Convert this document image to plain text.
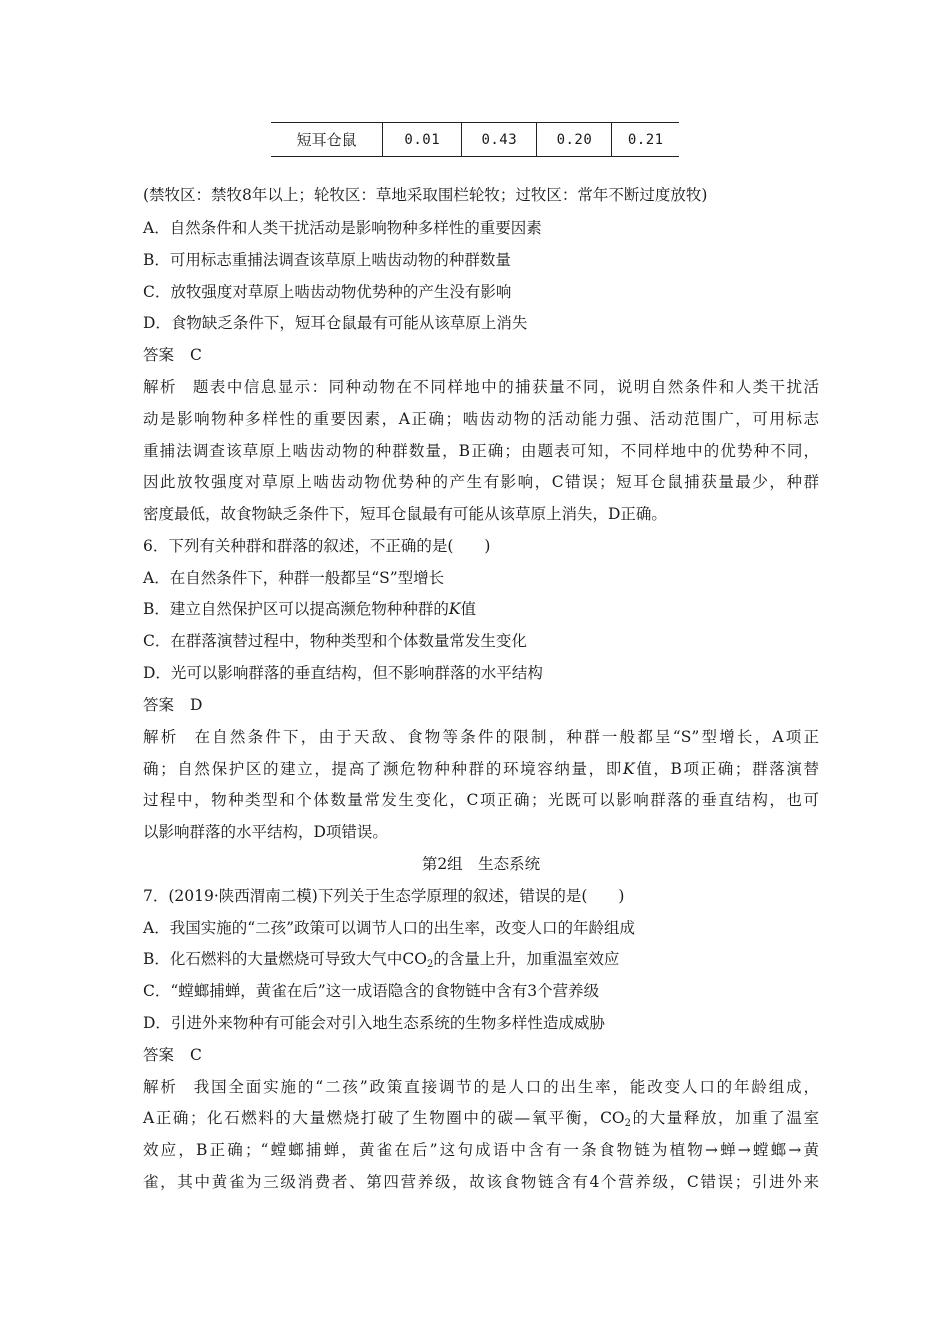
短耳仓鼠	0.01	0.43	0.20	0.21
(禁牧区：禁牧8年以上；轮牧区：草地采取围栏轮牧；过牧区：常年不断过度放牧)
A．自然条件和人类干扰活动是影响物种多样性的重要因素
B．可用标志重捕法调查该草原上啮齿动物的种群数量
C．放牧强度对草原上啮齿动物优势种的产生没有影响
D．食物缺乏条件下，短耳仓鼠最有可能从该草原上消失
答案 C
解析 题表中信息显示：同种动物在不同样地中的捕获量不同，说明自然条件和人类干扰活
动是影响物种多样性的重要因素，A正确；啮齿动物的活动能力强、活动范围广，可用标志
重捕法调查该草原上啮齿动物的种群数量，B正确；由题表可知，不同样地中的优势种不同，
因此放牧强度对草原上啮齿动物优势种的产生有影响，C错误；短耳仓鼠捕获量最少，种群
密度最低，故食物缺乏条件下，短耳仓鼠最有可能从该草原上消失，D正确。
6．下列有关种群和群落的叙述，不正确的是(　　)
A．在自然条件下，种群一般都呈“S”型增长
B．建立自然保护区可以提高濒危物种种群的K值
C．在群落演替过程中，物种类型和个体数量常发生变化
D．光可以影响群落的垂直结构，但不影响群落的水平结构
答案 D
解析 在自然条件下，由于天敌、食物等条件的限制，种群一般都呈“S”型增长，A项正
确；自然保护区的建立，提高了濒危物种种群的环境容纳量，即K值，B项正确；群落演替
过程中，物种类型和个体数量常发生变化，C项正确；光既可以影响群落的垂直结构，也可
以影响群落的水平结构，D项错误。
第2组　生态系统
7．(2019·陕西渭南二模)下列关于生态学原理的叙述，错误的是(　　)
A．我国实施的“二孩”政策可以调节人口的出生率，改变人口的年龄组成
B．化石燃料的大量燃烧可导致大气中$CO_2$的含量上升，加重温室效应
C．“螳螂捕蝉，黄雀在后”这一成语隐含的食物链中含有3个营养级
D．引进外来物种有可能会对引入地生态系统的生物多样性造成威胁
答案 C
解析 我国全面实施的“二孩”政策直接调节的是人口的出生率，能改变人口的年龄组成，
A正确；化石燃料的大量燃烧打破了生物圈中的碳—氧平衡，$CO_2$的大量释放，加重了温室
效应，B正确；“螳螂捕蝉，黄雀在后”这句成语中含有一条食物链为植物→蝉→螳螂→黄
雀，其中黄雀为三级消费者、第四营养级，故该食物链含有4个营养级，C错误；引进外来
